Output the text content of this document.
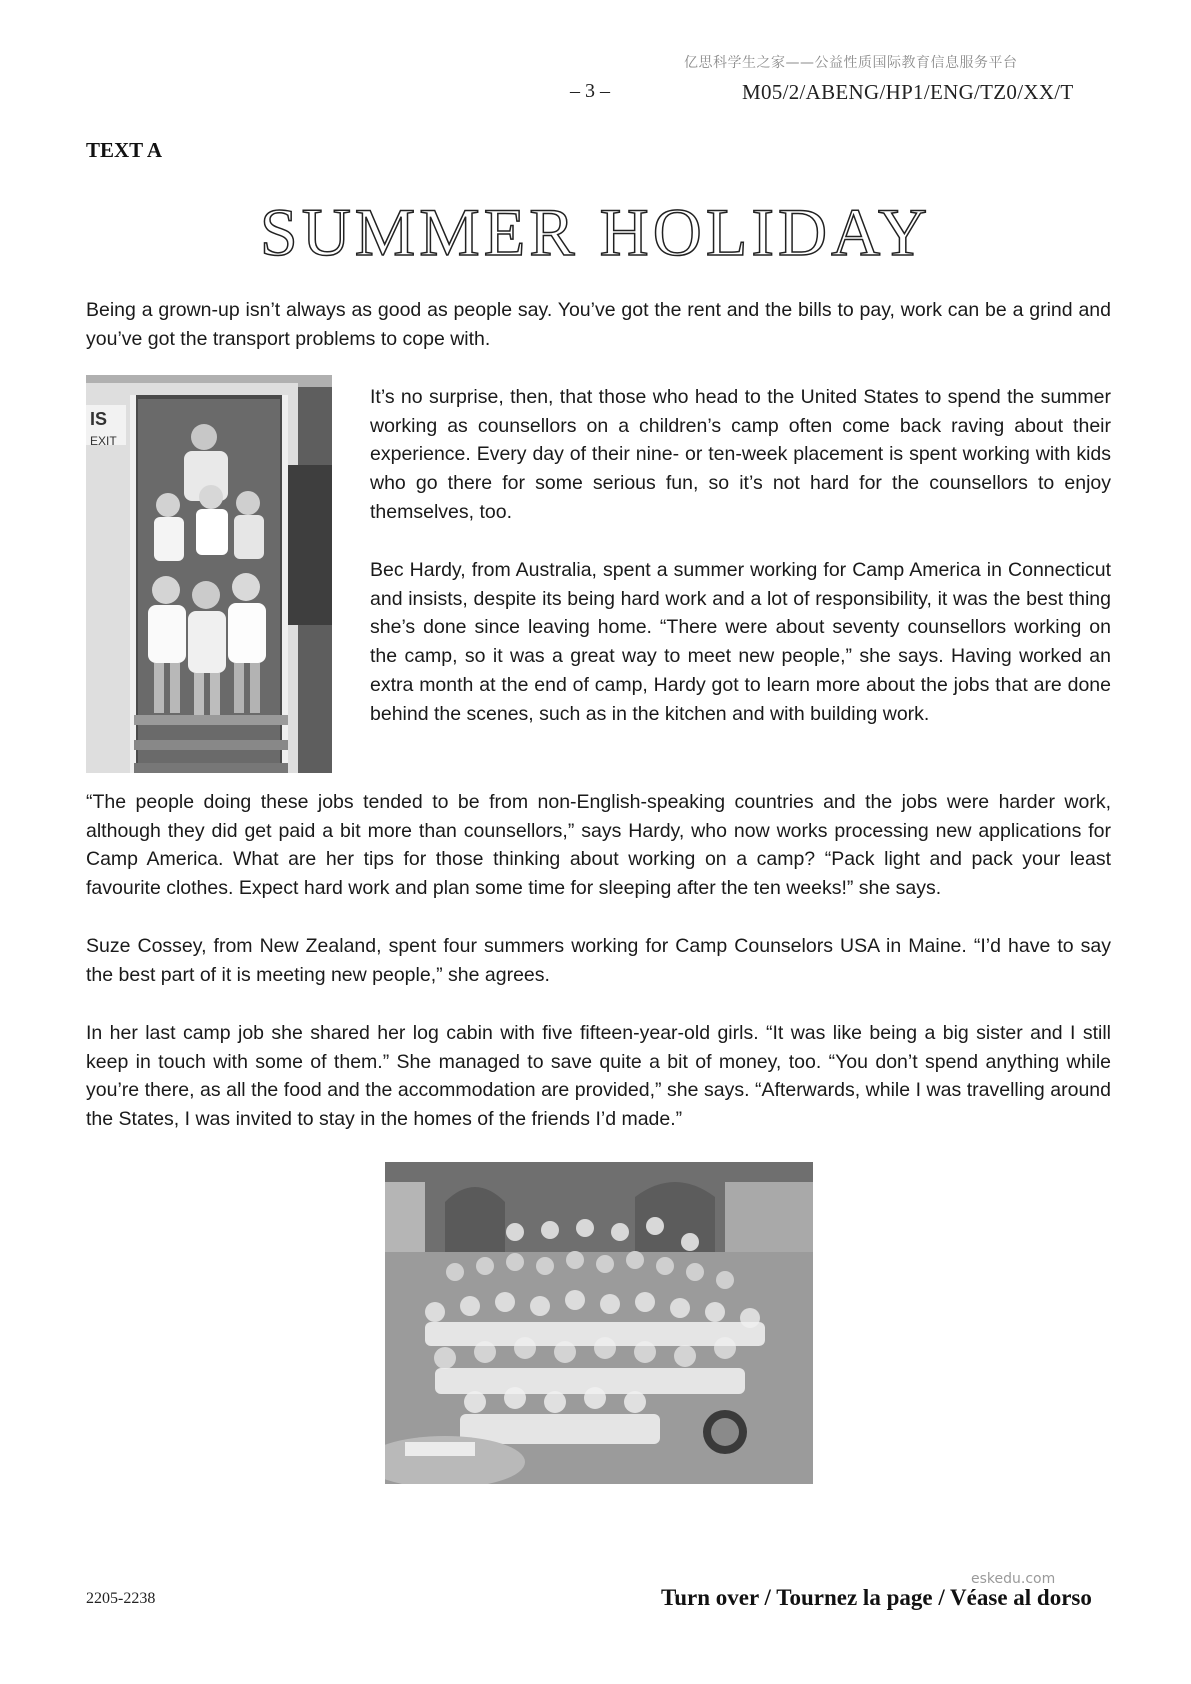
亿思科学生之家——公益性质国际教育信息服务平台
– 3 –	M05/2/ABENG/HP1/ENG/TZ0/XX/T
TEXT A
SUMMER HOLIDAY

Being a grown-up isn’t always as good as people say. You’ve got the rent and the bills to pay, work can be a grind and you’ve got the transport problems to cope with.

IS
EXIT

It’s no surprise, then, that those who head to the United States to spend the summer working as counsellors on a children’s camp often come back raving about their experience. Every day of their nine- or ten-week placement is spent working with kids who go there for some serious fun, so it’s not hard for the counsellors to enjoy themselves, too.

Bec Hardy, from Australia, spent a summer working for Camp America in Connecticut and insists, despite its being hard work and a lot of responsibility, it was the best thing she’s done since leaving home. “There were about seventy counsellors working on the camp, so it was a great way to meet new people,” she says. Having worked an extra month at the end of camp, Hardy got to learn more about the jobs that are done behind the scenes, such as in the kitchen and with building work.

“The people doing these jobs tended to be from non-English-speaking countries and the jobs were harder work, although they did get paid a bit more than counsellors,” says Hardy, who now works processing new applications for Camp America. What are her tips for those thinking about working on a camp? “Pack light and pack your least favourite clothes. Expect hard work and plan some time for sleeping after the ten weeks!” she says.

Suze Cossey, from New Zealand, spent four summers working for Camp Counselors USA in Maine. “I’d have to say the best part of it is meeting new people,” she agrees.

In her last camp job she shared her log cabin with five fifteen-year-old girls. “It was like being a big sister and I still keep in touch with some of them.” She managed to save quite a bit of money, too. “You don’t spend anything while you’re there, as all the food and the accommodation are provided,” she says. “Afterwards, while I was travelling around the States, I was invited to stay in the homes of the friends I’d made.”

2205-2238
eskedu.com
Turn over / Tournez la page / Véase al dorso
